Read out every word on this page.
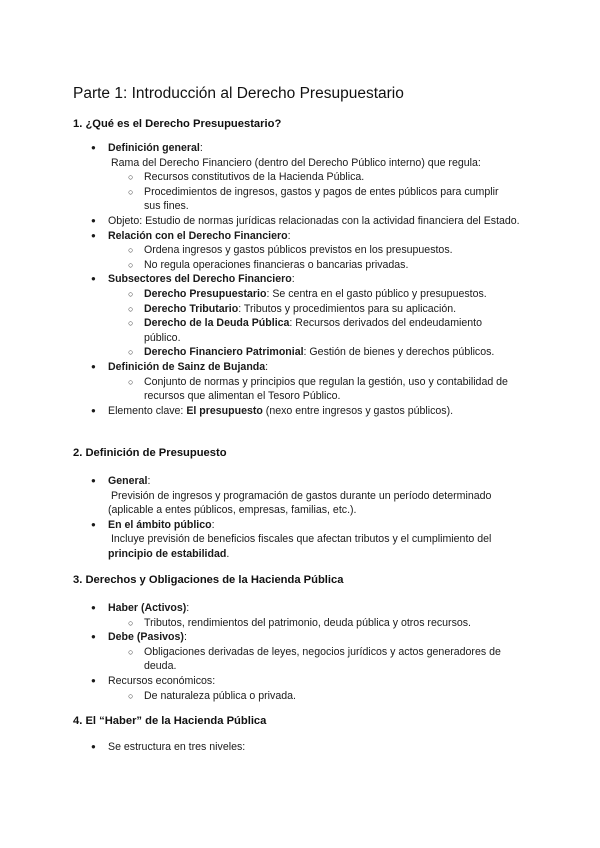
Parte 1: Introducción al Derecho Presupuestario
1. ¿Qué es el Derecho Presupuestario?
● Definición general:
Rama del Derecho Financiero (dentro del Derecho Público interno) que regula:
○ Recursos constitutivos de la Hacienda Pública.
○ Procedimientos de ingresos, gastos y pagos de entes públicos para cumplir sus fines.
● Objeto: Estudio de normas jurídicas relacionadas con la actividad financiera del Estado.
● Relación con el Derecho Financiero:
○ Ordena ingresos y gastos públicos previstos en los presupuestos.
○ No regula operaciones financieras o bancarias privadas.
● Subsectores del Derecho Financiero:
○ Derecho Presupuestario: Se centra en el gasto público y presupuestos.
○ Derecho Tributario: Tributos y procedimientos para su aplicación.
○ Derecho de la Deuda Pública: Recursos derivados del endeudamiento público.
○ Derecho Financiero Patrimonial: Gestión de bienes y derechos públicos.
● Definición de Sainz de Bujanda:
○ Conjunto de normas y principios que regulan la gestión, uso y contabilidad de recursos que alimentan el Tesoro Público.
● Elemento clave: El presupuesto (nexo entre ingresos y gastos públicos).
2. Definición de Presupuesto
● General:
Previsión de ingresos y programación de gastos durante un período determinado (aplicable a entes públicos, empresas, familias, etc.).
● En el ámbito público:
Incluye previsión de beneficios fiscales que afectan tributos y el cumplimiento del principio de estabilidad.
3. Derechos y Obligaciones de la Hacienda Pública
● Haber (Activos):
○ Tributos, rendimientos del patrimonio, deuda pública y otros recursos.
● Debe (Pasivos):
○ Obligaciones derivadas de leyes, negocios jurídicos y actos generadores de deuda.
● Recursos económicos:
○ De naturaleza pública o privada.
4. El “Haber” de la Hacienda Pública
● Se estructura en tres niveles:
